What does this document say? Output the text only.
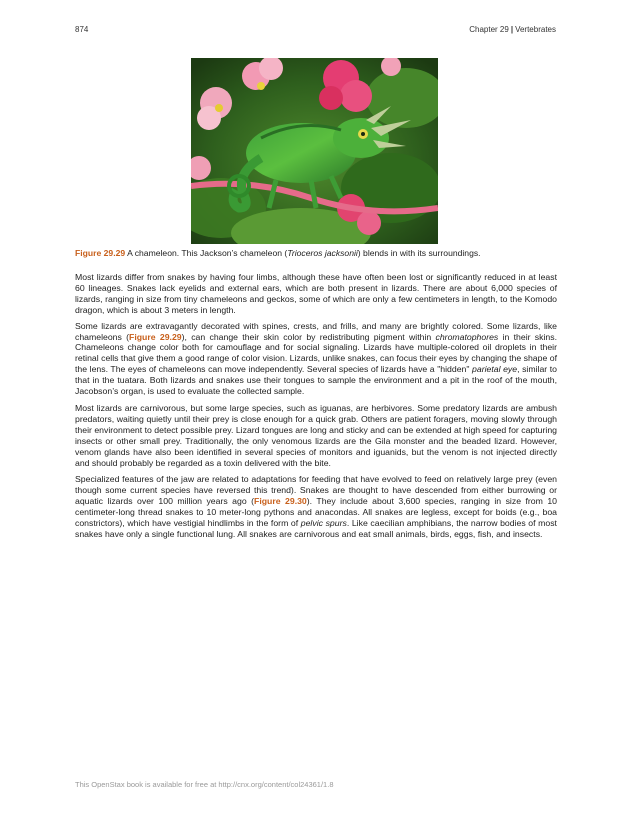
874	Chapter 29 | Vertebrates
Figure 29.29 A chameleon. This Jackson’s chameleon (Trioceros jacksonii) blends in with its surroundings.

Most lizards differ from snakes by having four limbs, although these have often been lost or significantly reduced in at least 60 lineages. Snakes lack eyelids and external ears, which are both present in lizards. There are about 6,000 species of lizards, ranging in size from tiny chameleons and geckos, some of which are only a few centimeters in length, to the Komodo dragon, which is about 3 meters in length.

Some lizards are extravagantly decorated with spines, crests, and frills, and many are brightly colored. Some lizards, like chameleons (Figure 29.29), can change their skin color by redistributing pigment within chromatophores in their skins. Chameleons change color both for camouflage and for social signaling. Lizards have multiple-colored oil droplets in their retinal cells that give them a good range of color vision. Lizards, unlike snakes, can focus their eyes by changing the shape of the lens. The eyes of chameleons can move independently. Several species of lizards have a "hidden" parietal eye, similar to that in the tuatara. Both lizards and snakes use their tongues to sample the environment and a pit in the roof of the mouth, Jacobson’s organ, is used to evaluate the collected sample.

Most lizards are carnivorous, but some large species, such as iguanas, are herbivores. Some predatory lizards are ambush predators, waiting quietly until their prey is close enough for a quick grab. Others are patient foragers, moving slowly through their environment to detect possible prey. Lizard tongues are long and sticky and can be extended at high speed for capturing insects or other small prey. Traditionally, the only venomous lizards are the Gila monster and the beaded lizard. However, venom glands have also been identified in several species of monitors and iguanids, but the venom is not injected directly and should probably be regarded as a toxin delivered with the bite.

Specialized features of the jaw are related to adaptations for feeding that have evolved to feed on relatively large prey (even though some current species have reversed this trend). Snakes are thought to have descended from either burrowing or aquatic lizards over 100 million years ago (Figure 29.30). They include about 3,600 species, ranging in size from 10 centimeter-long thread snakes to 10 meter-long pythons and anacondas. All snakes are legless, except for boids (e.g., boa constrictors), which have vestigial hindlimbs in the form of pelvic spurs. Like caecilian amphibians, the narrow bodies of most snakes have only a single functional lung. All snakes are carnivorous and eat small animals, birds, eggs, fish, and insects.

This OpenStax book is available for free at http://cnx.org/content/col24361/1.8
